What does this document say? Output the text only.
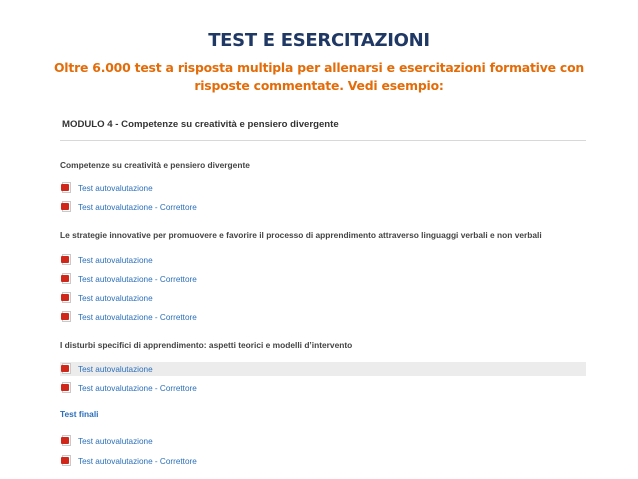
TEST E ESERCITAZIONI
Oltre 6.000 test a risposta multipla per allenarsi e esercitazioni formative con
risposte commentate. Vedi esempio:
MODULO 4 - Competenze su creatività e pensiero divergente
Competenze su creatività e pensiero divergente
Test autovalutazione
Test autovalutazione - Correttore
Le strategie innovative per promuovere e favorire il processo di apprendimento attraverso linguaggi verbali e non verbali
Test autovalutazione
Test autovalutazione - Correttore
Test autovalutazione
Test autovalutazione - Correttore
I disturbi specifici di apprendimento: aspetti teorici e modelli d’intervento
Test autovalutazione
Test autovalutazione - Correttore
Test finali
Test autovalutazione
Test autovalutazione - Correttore
